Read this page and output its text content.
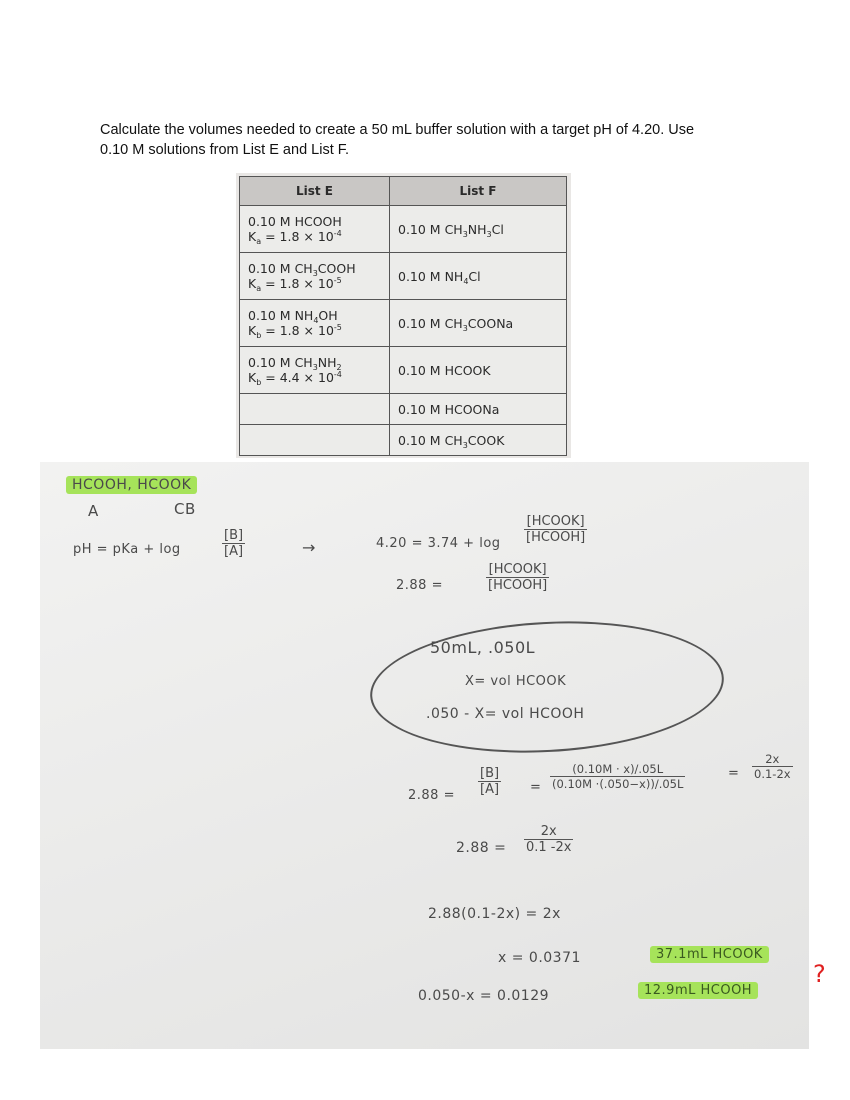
Calculate the volumes needed to create a 50 mL buffer solution with a target pH of 4.20. Use
0.10 M solutions from List E and List F.
List E	List F

0.10 M HCOOH
$K_a = 1.8 \times 10^{-4}$	0.10 M $CH_3NH_3Cl$

0.10 M $CH_3COOH$
$K_a = 1.8 \times 10^{-5}$	0.10 M $NH_4Cl$

0.10 M $NH_4OH$
$K_b = 1.8 \times 10^{-5}$	0.10 M $CH_3COONa$

0.10 M $CH_3NH_2$
$K_b = 4.4 \times 10^{-4}$	0.10 M HCOOK
	0.10 M HCOONa
	0.10 M $CH_3COOK$
HCOOH, HCOOK
A	CB
pH = pKa + log	$\frac{[B]}{[A]}$	→	4.20 = 3.74 + log
[HCOOK]
[HCOOH]
2.88 =
[HCOOK]
[HCOOH]
50mL, .050L
X= vol HCOOK
.050 - X= vol HCOOH
$2.88 = \frac{[B]}{[A]} = \frac{(0.10M \cdot x)/.05L}{(0.10M \cdot(.050-x))/.05L}$	= $\frac{2x}{0.1-2x}$
$2.88 = \frac{2x}{0.1 -2x}$
2.88(0.1-2x) = 2x
x = 0.0371	37.1mL HCOOK
0.050-x = 0.0129	12.9mL HCOOH
?
